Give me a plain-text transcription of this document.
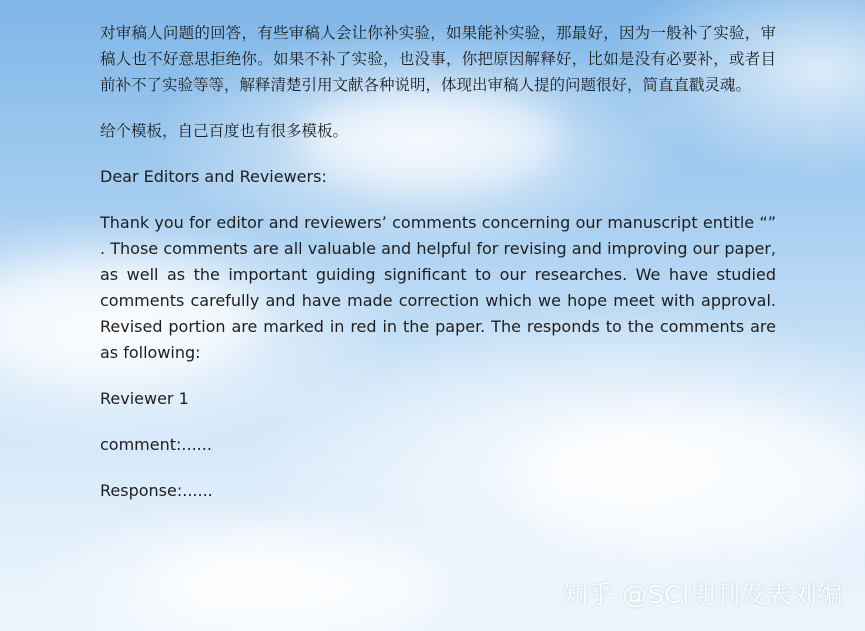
对审稿人问题的回答，有些审稿人会让你补实验，如果能补实验，那最好，因为一般补了实验，审稿人也不好意思拒绝你。如果不补了实验，也没事，你把原因解释好，比如是没有必要补，或者目前补不了实验等等，解释清楚引用文献各种说明，体现出审稿人提的问题很好，简直直戳灵魂。

给个模板，自己百度也有很多模板。

Dear Editors and Reviewers:

Thank you for editor and reviewers’ comments concerning our manuscript entitle “” . Those comments are all valuable and helpful for revising and improving our paper, as well as the important guiding significant to our researches. We have studied comments carefully and have made correction which we hope meet with approval. Revised portion are marked in red in the paper. The responds to the comments are as following:

Reviewer 1

comment:......

Response:......

知乎 @SCI期刊发表刘编
